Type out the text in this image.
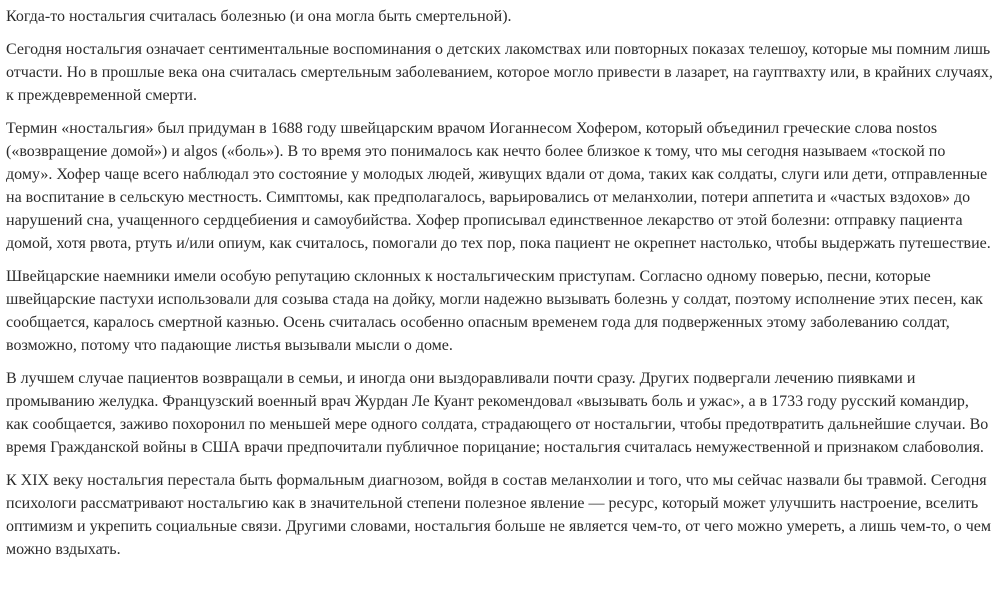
Когда-то ностальгия считалась болезнью (и она могла быть смертельной).

Сегодня ностальгия означает сентиментальные воспоминания о детских лакомствах или повторных показах телешоу, которые мы помним лишь отчасти. Но в прошлые века она считалась смертельным заболеванием, которое могло привести в лазарет, на гауптвахту или, в крайних случаях, к преждевременной смерти.

Термин «ностальгия» был придуман в 1688 году швейцарским врачом Иоганнесом Хофером, который объединил греческие слова nostos («возвращение домой») и algos («боль»). В то время это понималось как нечто более близкое к тому, что мы сегодня называем «тоской по дому». Хофер чаще всего наблюдал это состояние у молодых людей, живущих вдали от дома, таких как солдаты, слуги или дети, отправленные на воспитание в сельскую местность. Симптомы, как предполагалось, варьировались от меланхолии, потери аппетита и «частых вздохов» до нарушений сна, учащенного сердцебиения и самоубийства. Хофер прописывал единственное лекарство от этой болезни: отправку пациента домой, хотя рвота, ртуть и/или опиум, как считалось, помогали до тех пор, пока пациент не окрепнет настолько, чтобы выдержать путешествие.

Швейцарские наемники имели особую репутацию склонных к ностальгическим приступам. Согласно одному поверью, песни, которые швейцарские пастухи использовали для созыва стада на дойку, могли надежно вызывать болезнь у солдат, поэтому исполнение этих песен, как сообщается, каралось смертной казнью. Осень считалась особенно опасным временем года для подверженных этому заболеванию солдат, возможно, потому что падающие листья вызывали мысли о доме.

В лучшем случае пациентов возвращали в семьи, и иногда они выздоравливали почти сразу. Других подвергали лечению пиявками и промыванию желудка. Французский военный врач Журдан Ле Куант рекомендовал «вызывать боль и ужас», а в 1733 году русский командир, как сообщается, заживо похоронил по меньшей мере одного солдата, страдающего от ностальгии, чтобы предотвратить дальнейшие случаи. Во время Гражданской войны в США врачи предпочитали публичное порицание; ностальгия считалась немужественной и признаком слабоволия.

К XIX веку ностальгия перестала быть формальным диагнозом, войдя в состав меланхолии и того, что мы сейчас назвали бы травмой. Сегодня психологи рассматривают ностальгию как в значительной степени полезное явление — ресурс, который может улучшить настроение, вселить оптимизм и укрепить социальные связи. Другими словами, ностальгия больше не является чем-то, от чего можно умереть, а лишь чем-то, о чем можно вздыхать.
